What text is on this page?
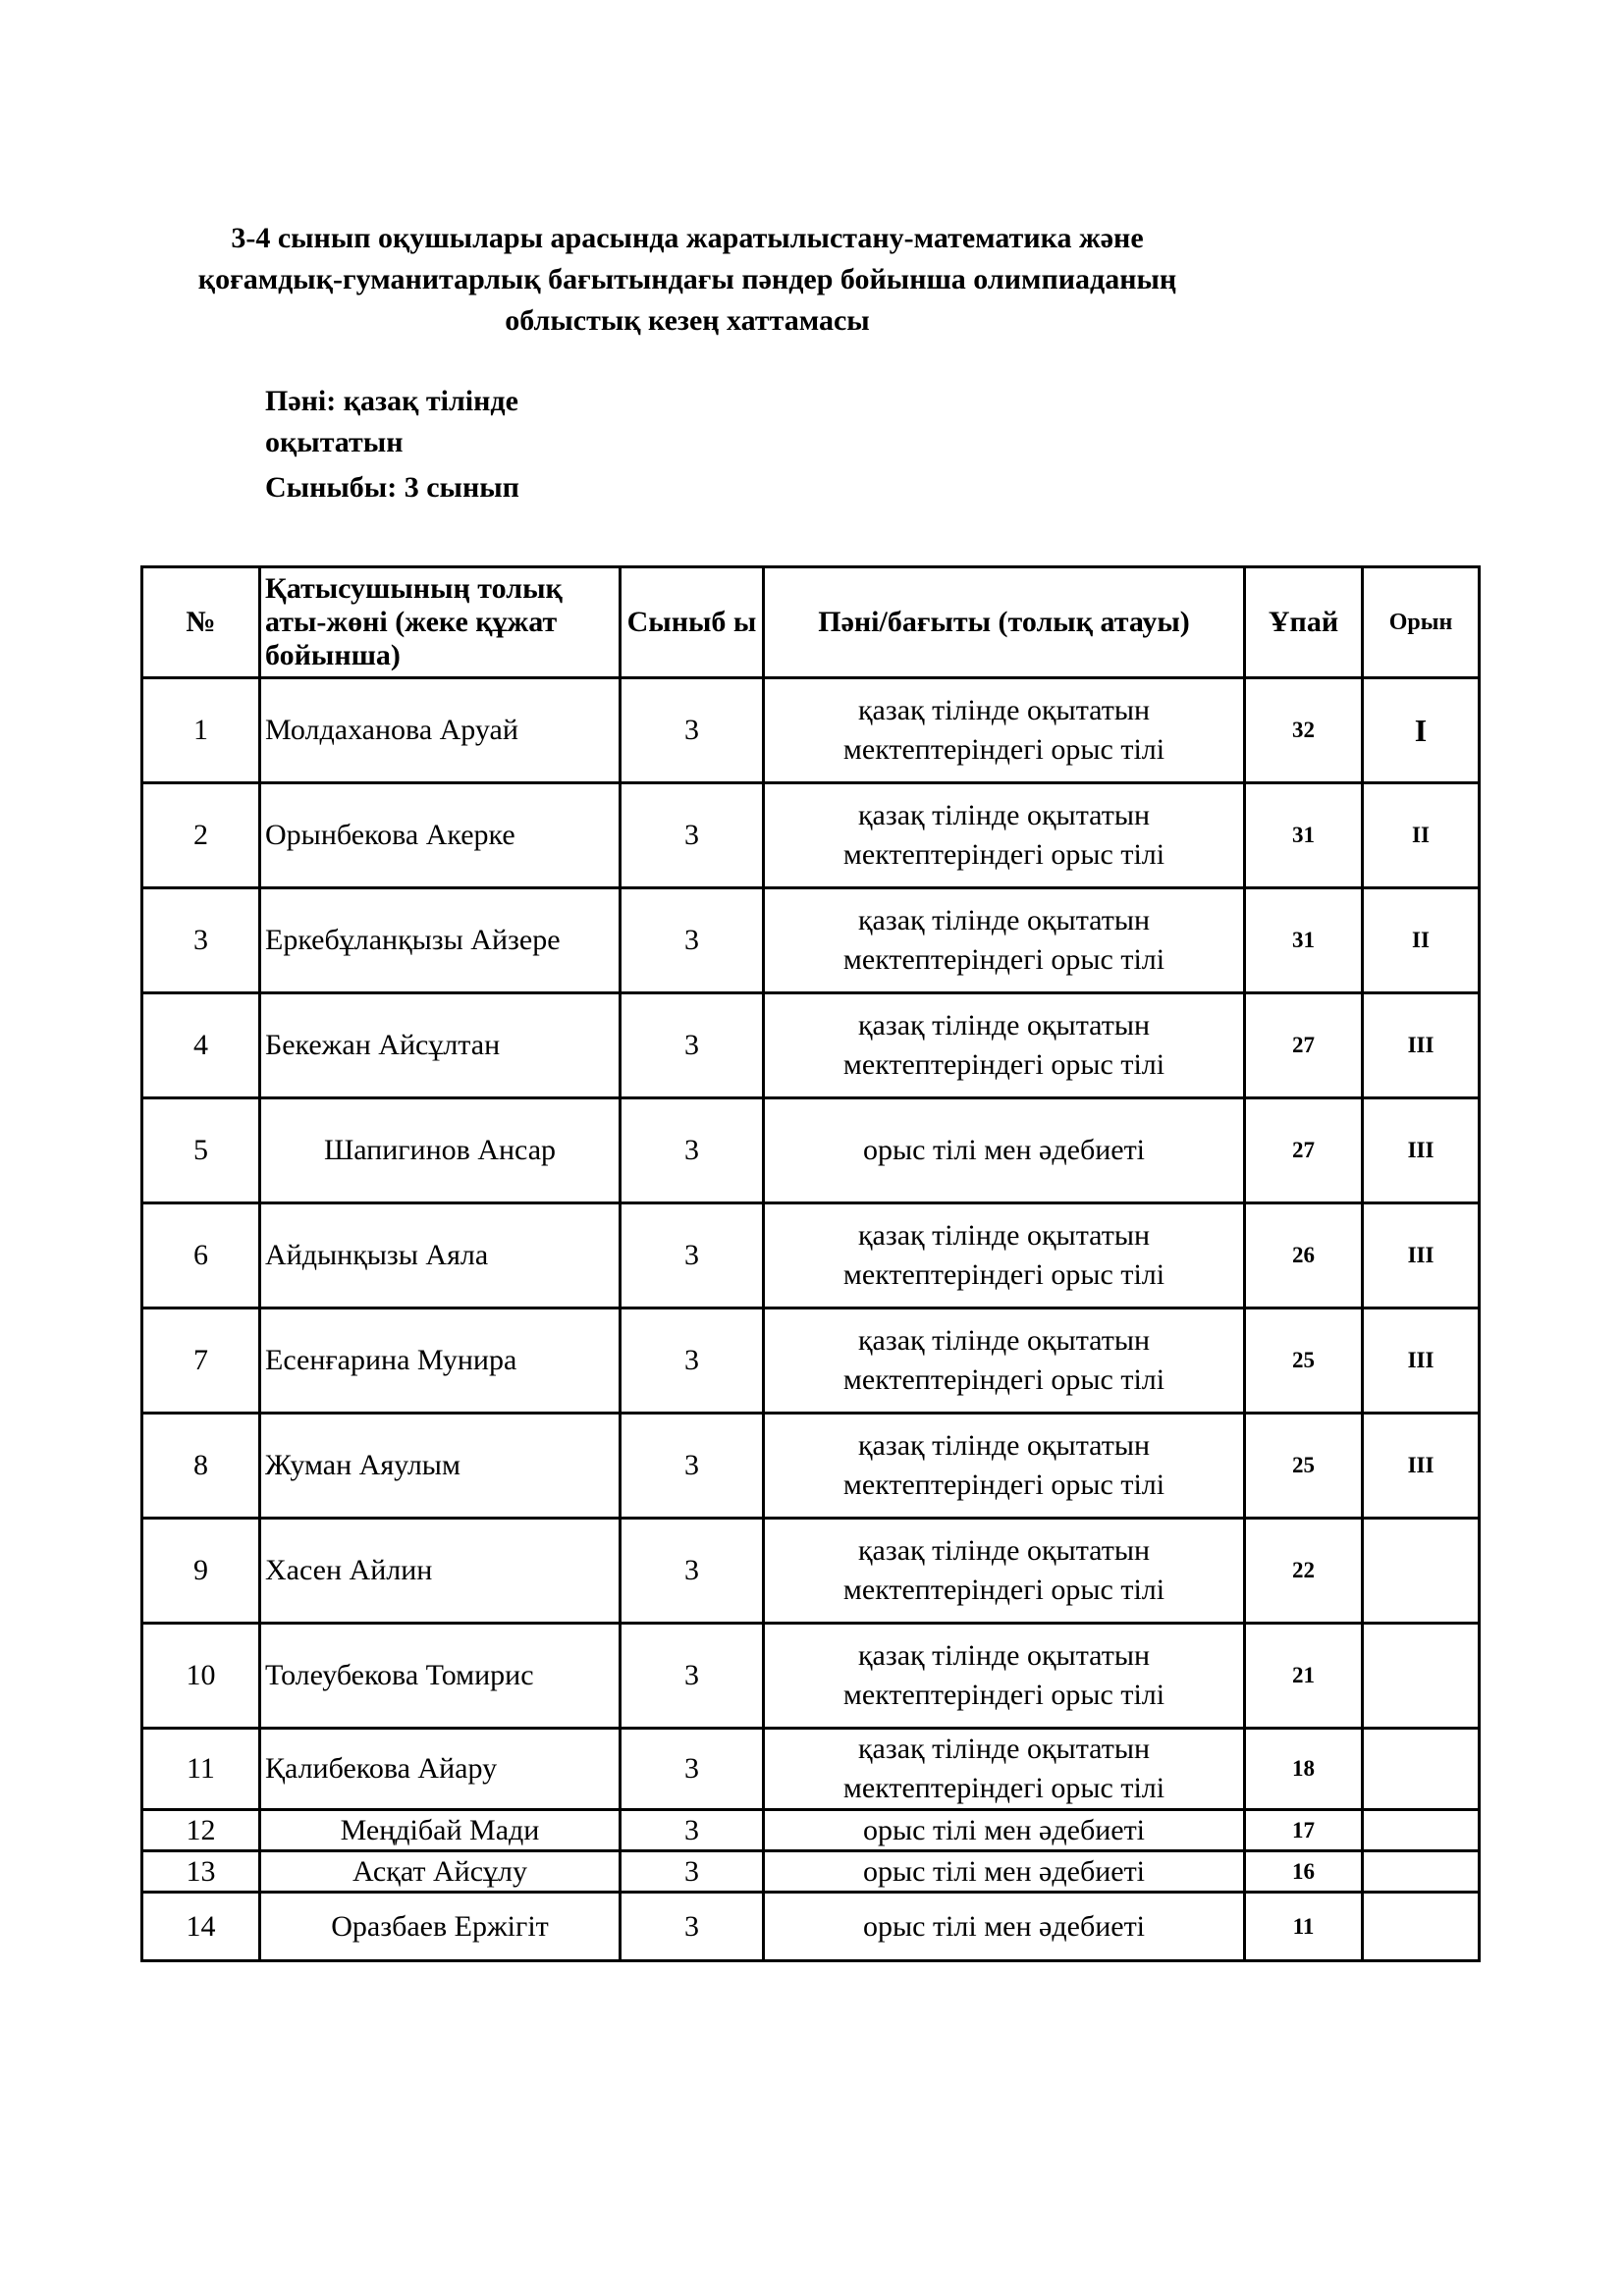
3-4 сынып оқушылары арасында жаратылыстану-математика және
қоғамдық-гуманитарлық бағытындағы пәндер бойынша олимпиаданың
облыстық кезең хаттамасы
Пәні: қазақ тілінде
оқытатын
Сыныбы: 3 сынып
№	Қатысушының толық аты-жөні (жеке құжат бойынша)	Сыныб ы	Пәні/бағыты (толық атауы)	Ұпай	Орын
1	Молдаханова Аруай	3	қазақ тілінде оқытатын
мектептеріндегі орыс тілі	32	I
2	Орынбекова Акерке	3	қазақ тілінде оқытатын
мектептеріндегі орыс тілі	31	II
3	Еркебұланқызы Айзере	3	қазақ тілінде оқытатын
мектептеріндегі орыс тілі	31	II
4	Бекежан Айсұлтан	3	қазақ тілінде оқытатын
мектептеріндегі орыс тілі	27	III
5	Шапигинов Ансар	3	орыс тілі мен әдебиеті	27	III
6	Айдынқызы Аяла	3	қазақ тілінде оқытатын
мектептеріндегі орыс тілі	26	III
7	Есенғарина Мунира	3	қазақ тілінде оқытатын
мектептеріндегі орыс тілі	25	III
8	Жуман Аяулым	3	қазақ тілінде оқытатын
мектептеріндегі орыс тілі	25	III
9	Хасен Айлин	3	қазақ тілінде оқытатын
мектептеріндегі орыс тілі	22	
10	Толеубекова Томирис	3	қазақ тілінде оқытатын
мектептеріндегі орыс тілі	21	
11	Қалибекова Айару	3	қазақ тілінде оқытатын
мектептеріндегі орыс тілі	18	
12	Меңдібай Мади	3	орыс тілі мен әдебиеті	17	
13	Асқат Айсұлу	3	орыс тілі мен әдебиеті	16	
14	Оразбаев Ержігіт	3	орыс тілі мен әдебиеті	11	
